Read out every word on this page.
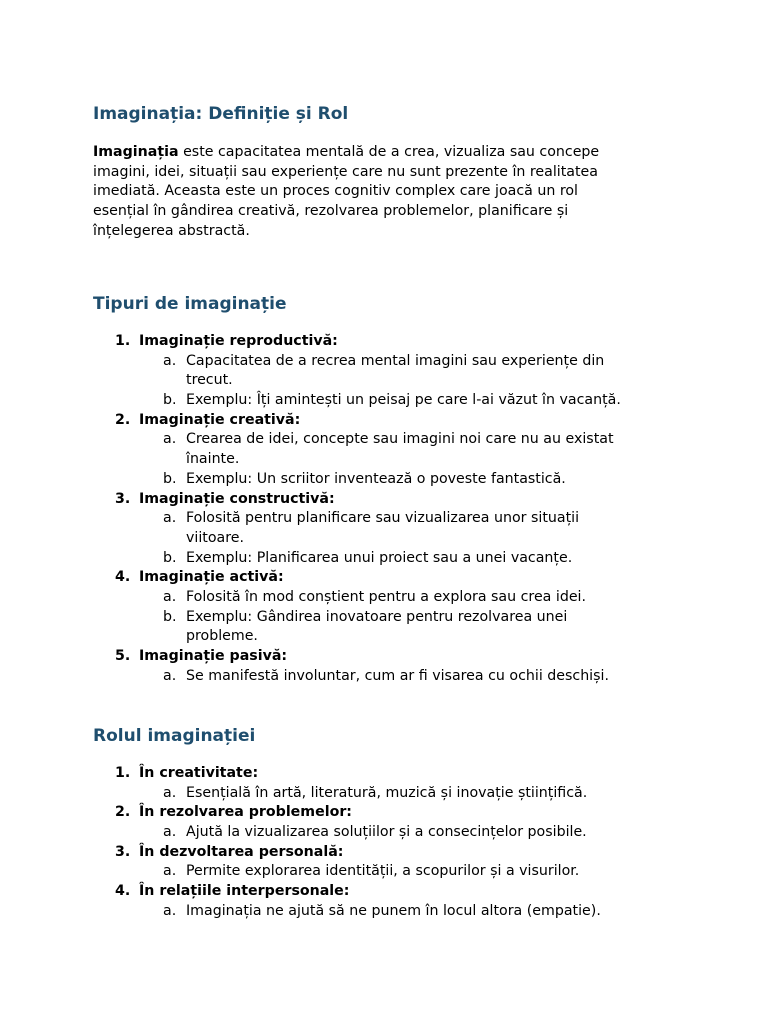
Imaginația: Definiție și Rol

Imaginația este capacitatea mentală de a crea, vizualiza sau concepe
imagini, idei, situații sau experiențe care nu sunt prezente în realitatea
imediată. Aceasta este un proces cognitiv complex care joacă un rol
esențial în gândirea creativă, rezolvarea problemelor, planificare și
înțelegerea abstractă.

Tipuri de imaginație
1. Imaginație reproductivă:
a. Capacitatea de a recrea mental imagini sau experiențe din
trecut.
b. Exemplu: Îți amintești un peisaj pe care l-ai văzut în vacanță.
2. Imaginație creativă:
a. Crearea de idei, concepte sau imagini noi care nu au existat
înainte.
b. Exemplu: Un scriitor inventează o poveste fantastică.
3. Imaginație constructivă:
a. Folosită pentru planificare sau vizualizarea unor situații
viitoare.
b. Exemplu: Planificarea unui proiect sau a unei vacanțe.
4. Imaginație activă:
a. Folosită în mod conștient pentru a explora sau crea idei.
b. Exemplu: Gândirea inovatoare pentru rezolvarea unei
probleme.
5. Imaginație pasivă:
a. Se manifestă involuntar, cum ar fi visarea cu ochii deschiși.
Rolul imaginației
1. În creativitate:
a. Esențială în artă, literatură, muzică și inovație științifică.
2. În rezolvarea problemelor:
a. Ajută la vizualizarea soluțiilor și a consecințelor posibile.
3. În dezvoltarea personală:
a. Permite explorarea identității, a scopurilor și a visurilor.
4. În relațiile interpersonale:
a. Imaginația ne ajută să ne punem în locul altora (empatie).
